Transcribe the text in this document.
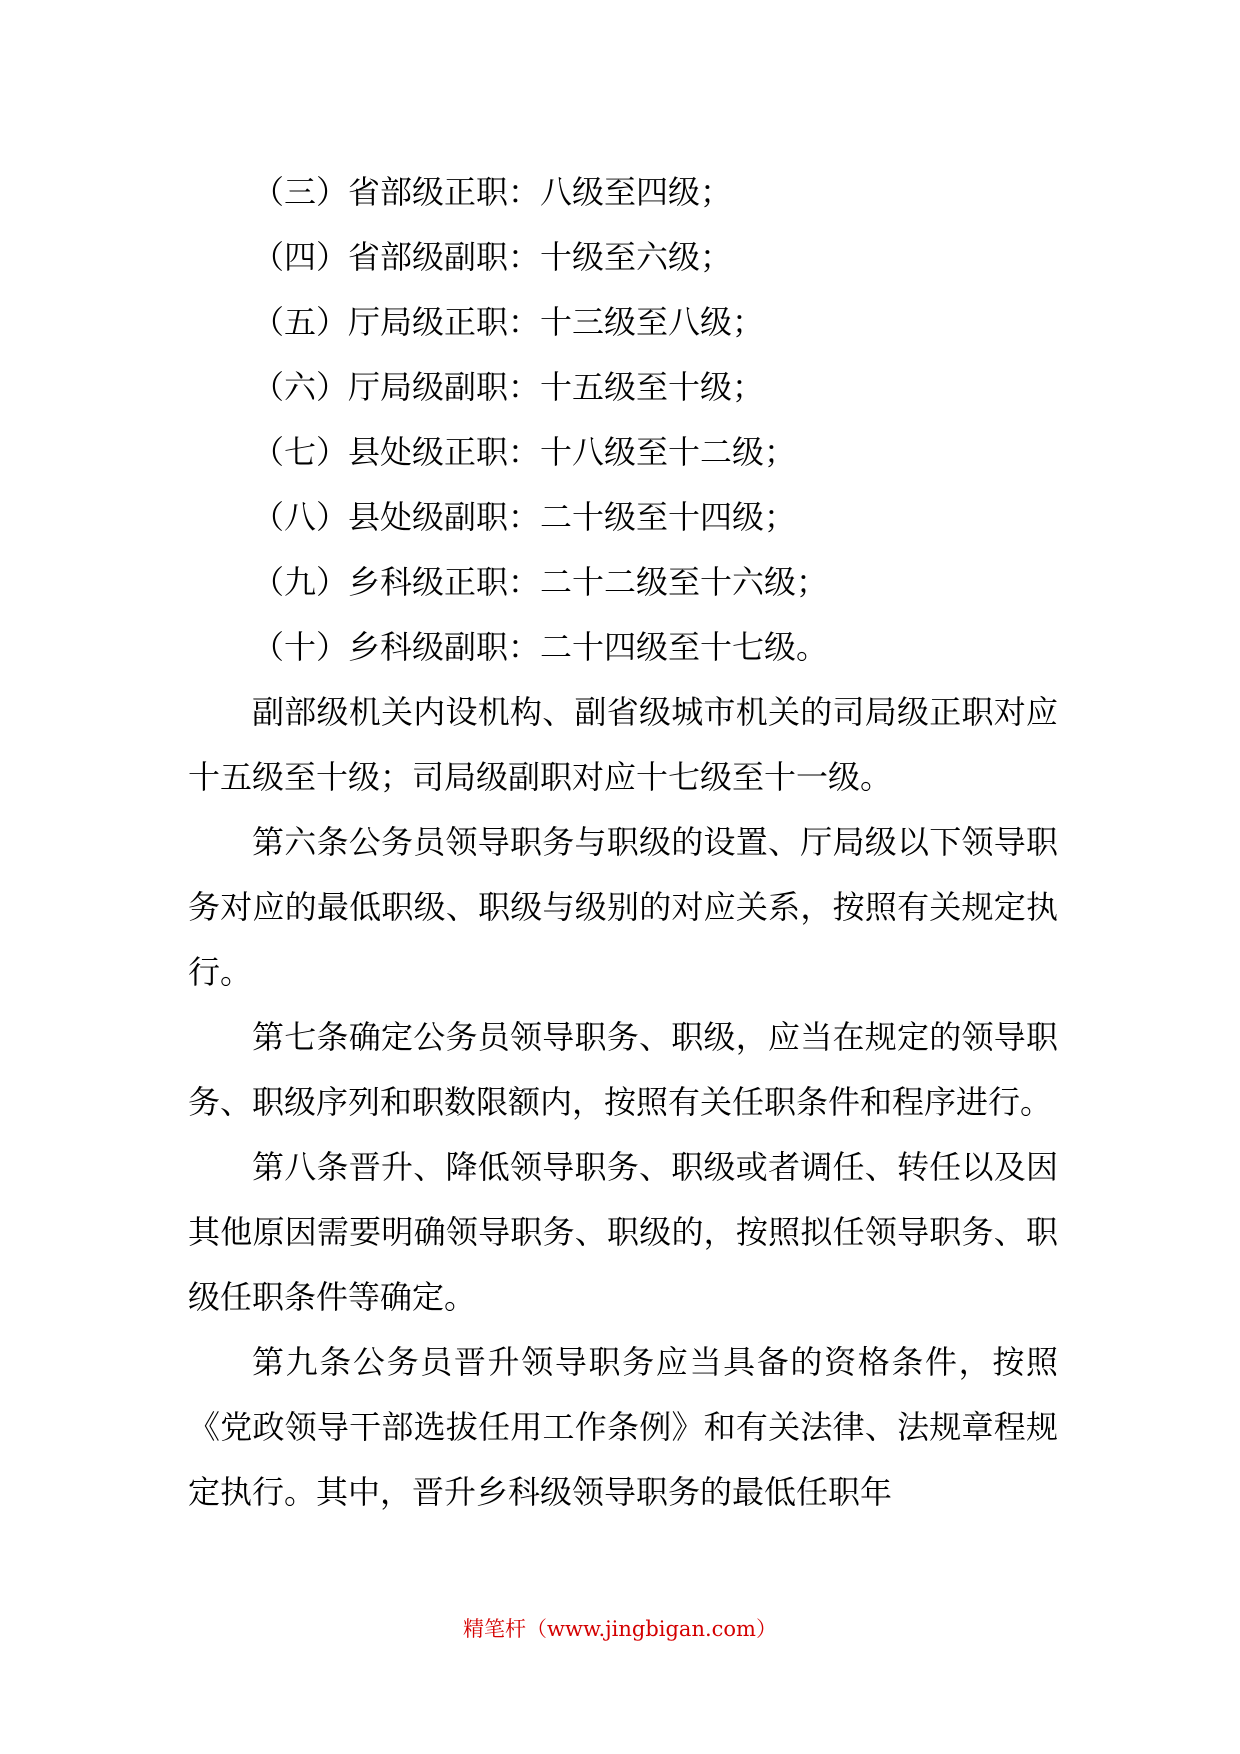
（三）省部级正职：八级至四级；
（四）省部级副职：十级至六级；
（五）厅局级正职：十三级至八级；
（六）厅局级副职：十五级至十级；
（七）县处级正职：十八级至十二级；
（八）县处级副职：二十级至十四级；
（九）乡科级正职：二十二级至十六级；
（十）乡科级副职：二十四级至十七级。

副部级机关内设机构、副省级城市机关的司局级正职对应十五级至十级；司局级副职对应十七级至十一级。

第六条公务员领导职务与职级的设置、厅局级以下领导职务对应的最低职级、职级与级别的对应关系，按照有关规定执行。

第七条确定公务员领导职务、职级，应当在规定的领导职务、职级序列和职数限额内，按照有关任职条件和程序进行。

第八条晋升、降低领导职务、职级或者调任、转任以及因其他原因需要明确领导职务、职级的，按照拟任领导职务、职级任职条件等确定。

第九条公务员晋升领导职务应当具备的资格条件，按照《党政领导干部选拔任用工作条例》和有关法律、法规章程规定执行。其中，晋升乡科级领导职务的最低任职年

精笔杆（www.jingbigan.com）
